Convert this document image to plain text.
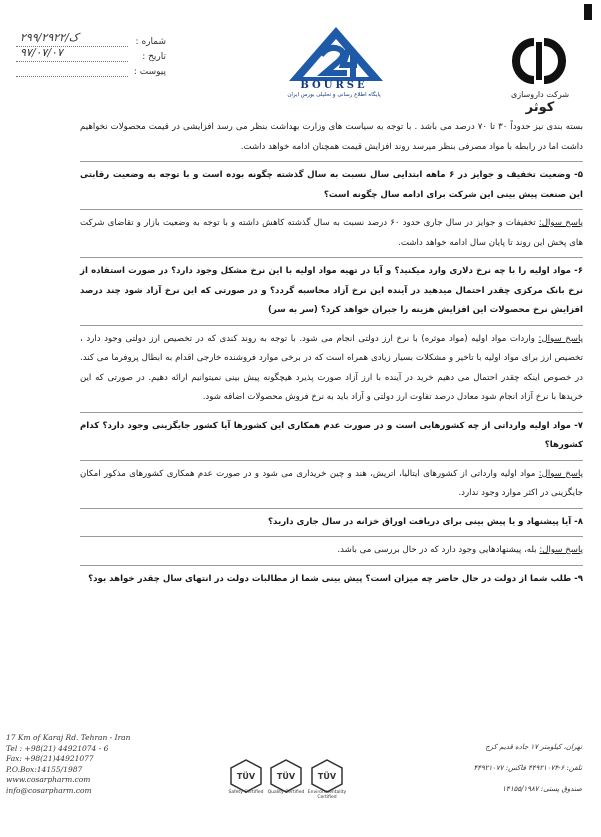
ک/۲۹۹/۲۹۲۲	شماره :
۹۷/۰۷/۰۷	تاریخ :
پیوست :
BOURSE
پایگاه اطلاع رسانی و تحلیلی بورس ایران	شرکت داروسازی
کوثر

بسته بندی نیز حدوداً ۳۰ تا ۷۰ درصد می باشد . با توجه به سیاست های وزارت بهداشت بنظر می رسد افزایشی در قیمت محصولات نخواهیم داشت اما در رابطه با مواد مصرفی بنظر میرسد روند افزایش قیمت همچنان ادامه خواهد داشت.

۵- وضعیت تخفیف و جوایز در ۶ ماهه ابتدایی سال نسبت به سال گذشته چگونه بوده است و با توجه به وضعیت رقابتی این صنعت پیش بینی این شرکت برای ادامه سال چگونه است؟

پاسخ سوال: تخفیفات و جوایز در سال جاری حدود ۶۰ درصد نسبت به سال گذشته کاهش داشته و با توجه به وضعیت بازار و تقاضای شرکت های پخش این روند تا پایان سال ادامه خواهد داشت.

۶- مواد اولیه را با چه نرخ دلاری وارد میکنید؟ و آیا در تهیه مواد اولیه با این نرخ مشکل وجود دارد؟ در صورت استفاده از نرخ بانک مرکزی چقدر احتمال میدهید در آینده این نرخ آزاد محاسبه گردد؟ و در صورتی که این نرخ آزاد شود چند درصد افزایش نرخ محصولات این افزایش هزینه را جبران خواهد کرد؟ (سر به سر)

پاسخ سوال: واردات مواد اولیه (مواد موثره) با نرخ ارز دولتی انجام می شود. با توجه به روند کندی که در تخصیص ارز دولتی وجود دارد ، تخصیص ارز برای مواد اولیه با تاخیر و مشکلات بسیار زیادی همراه است که در برخی موارد فروشنده خارجی اقدام به ابطال پروفرما می کند. در خصوص اینکه چقدر احتمال می دهیم خرید در آینده با ارز آزاد صورت پذیرد هیچگونه پیش بینی نمیتوانیم ارائه دهیم. در صورتی که این خریدها با نرخ آزاد انجام شود معادل درصد تفاوت ارز دولتی و آزاد باید به نرخ فروش محصولات اضافه شود.

۷- مواد اولیه وارداتی از چه کشورهایی است و در صورت عدم همکاری این کشورها آیا کشور جایگزینی وجود دارد؟ کدام کشورها؟

پاسخ سوال: مواد اولیه وارداتی از کشورهای ایتالیا، اتریش، هند و چین خریداری می شود و در صورت عدم همکاری کشورهای مذکور امکان جایگزینی در اکثر موارد وجود ندارد.

۸- آیا پیشنهاد و یا پیش بینی برای دریافت اوراق خزانه در سال جاری دارید؟

پاسخ سوال: بله، پیشنهادهایی وجود دارد که در حال بررسی می باشد.

۹- طلب شما از دولت در حال حاضر چه میزان است؟ پیش بینی شما از مطالبات دولت در انتهای سال چقدر خواهد بود؟

17 Km of Karaj Rd. Tehran - Iran
Tel : +98(21) 44921074 - 6
Fax: +98(21)44921077
P.O.Box:14155/1987
www.cosarpharm.com
info@cosarpharm.com
TÜV
Safety Certified
TÜV
Quality Certified
TÜV
Environmentality Certified
تهران، کیلومتر ۱۷ جاده قدیم کرج
تلفن: ۶-۴۴۹۲۱۰۷۴ فاکس: ۴۴۹۲۱۰۷۷
صندوق پستی: ۱۴۱۵۵/۱۹۸۷
